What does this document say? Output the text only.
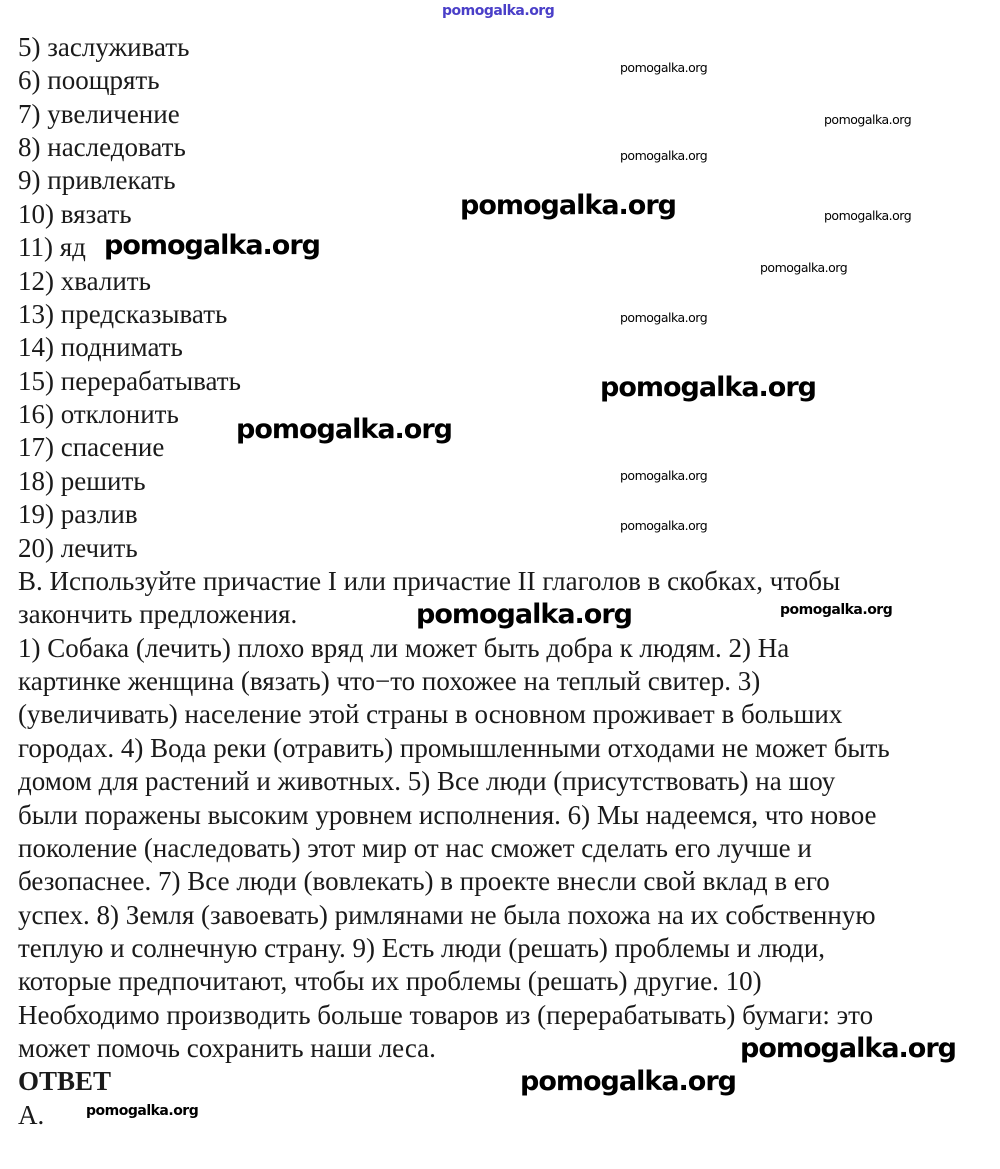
pomogalka.org
5) заслуживать
6) поощрять
7) увеличение
8) наследовать
9) привлекать
10) вязать
11) яд
12) хвалить
13) предсказывать
14) поднимать
15) перерабатывать
16) отклонить
17) спасение
18) решить
19) разлив
20) лечить
В. Используйте причастие I или причастие II глаголов в скобках, чтобы
закончить предложения.
1) Собака (лечить) плохо вряд ли может быть добра к людям. 2) На
картинке женщина (вязать) что−то похожее на теплый свитер. 3)
(увеличивать) население этой страны в основном проживает в больших
городах. 4) Вода реки (отравить) промышленными отходами не может быть
домом для растений и животных. 5) Все люди (присутствовать) на шоу
были поражены высоким уровнем исполнения. 6) Мы надеемся, что новое
поколение (наследовать) этот мир от нас сможет сделать его лучше и
безопаснее. 7) Все люди (вовлекать) в проекте внесли свой вклад в его
успех. 8) Земля (завоевать) римлянами не была похожа на их собственную
теплую и солнечную страну. 9) Есть люди (решать) проблемы и люди,
которые предпочитают, чтобы их проблемы (решать) другие. 10)
Необходимо производить больше товаров из (перерабатывать) бумаги: это
может помочь сохранить наши леса.
ОТВЕТ
А.
pomogalka.org
pomogalka.org
pomogalka.org
pomogalka.org
pomogalka.org
pomogalka.org
pomogalka.org	pomogalka.org
pomogalka.org
pomogalka.org
pomogalka.org
pomogalka.org
pomogalka.org
pomogalka.org
pomogalka.org
pomogalka.org
pomogalka.org
